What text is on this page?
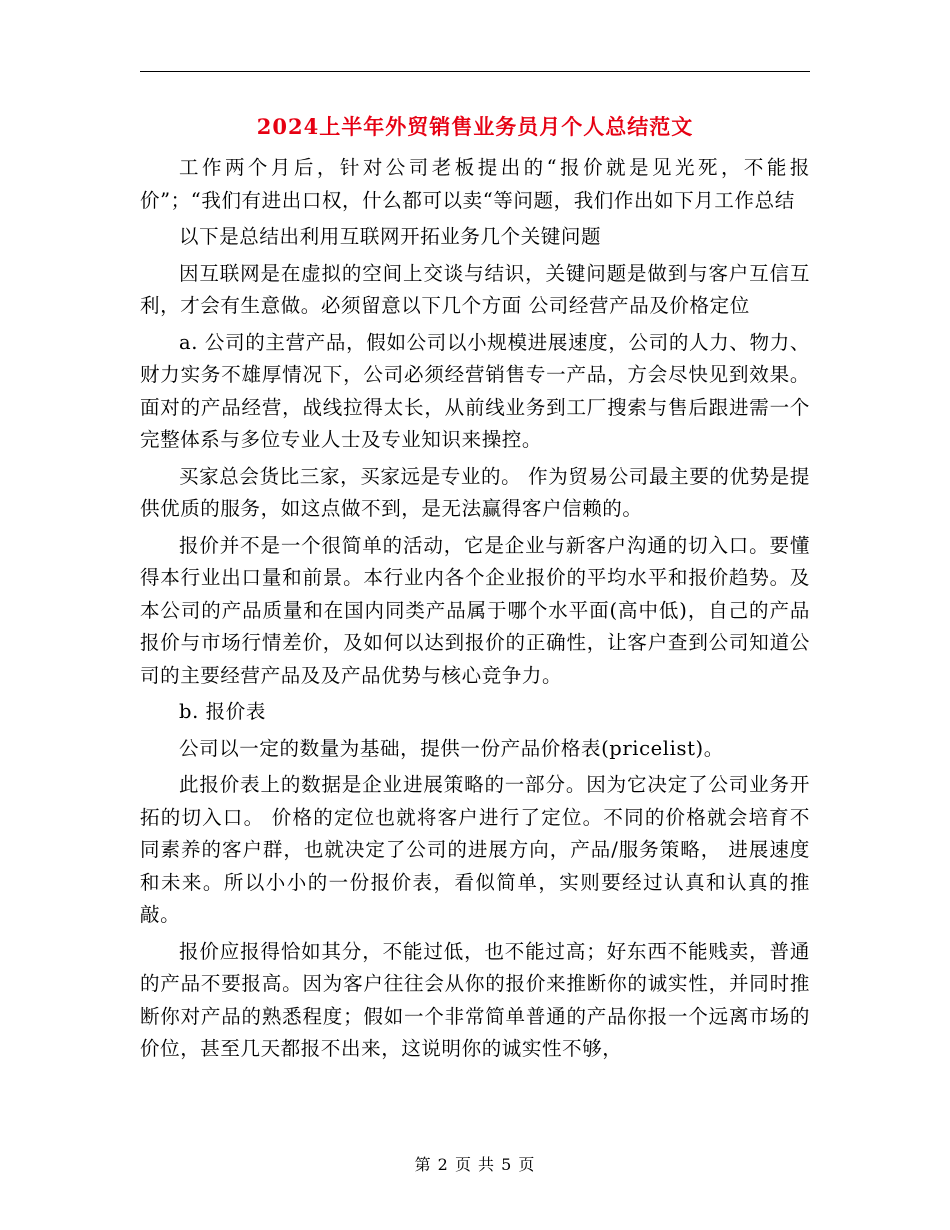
2024上半年外贸销售业务员月个人总结范文

工作两个月后，针对公司老板提出的“报价就是见光死，不能报价”；“我们有进出口权，什么都可以卖“等问题，我们作出如下月工作总结

以下是总结出利用互联网开拓业务几个关键问题

因互联网是在虚拟的空间上交谈与结识，关键问题是做到与客户互信互利，才会有生意做。必须留意以下几个方面 公司经营产品及价格定位

a. 公司的主营产品，假如公司以小规模进展速度，公司的人力、物力、财力实务不雄厚情况下，公司必须经营销售专一产品，方会尽快见到效果。面对的产品经营，战线拉得太长，从前线业务到工厂搜索与售后跟进需一个完整体系与多位专业人士及专业知识来操控。

买家总会货比三家，买家远是专业的。 作为贸易公司最主要的优势是提供优质的服务，如这点做不到，是无法赢得客户信赖的。

报价并不是一个很简单的活动，它是企业与新客户沟通的切入口。要懂得本行业出口量和前景。本行业内各个企业报价的平均水平和报价趋势。及本公司的产品质量和在国内同类产品属于哪个水平面(高中低)，自己的产品报价与市场行情差价，及如何以达到报价的正确性，让客户查到公司知道公司的主要经营产品及及产品优势与核心竞争力。

b. 报价表

公司以一定的数量为基础，提供一份产品价格表(pricelist)。

此报价表上的数据是企业进展策略的一部分。因为它决定了公司业务开拓的切入口。 价格的定位也就将客户进行了定位。不同的价格就会培育不同素养的客户群，也就决定了公司的进展方向，产品/服务策略， 进展速度和未来。所以小小的一份报价表，看似简单，实则要经过认真和认真的推敲。

报价应报得恰如其分，不能过低，也不能过高；好东西不能贱卖，普通的产品不要报高。因为客户往往会从你的报价来推断你的诚实性，并同时推断你对产品的熟悉程度；假如一个非常简单普通的产品你报一个远离市场的价位，甚至几天都报不出来，这说明你的诚实性不够，

第 2 页 共 5 页
